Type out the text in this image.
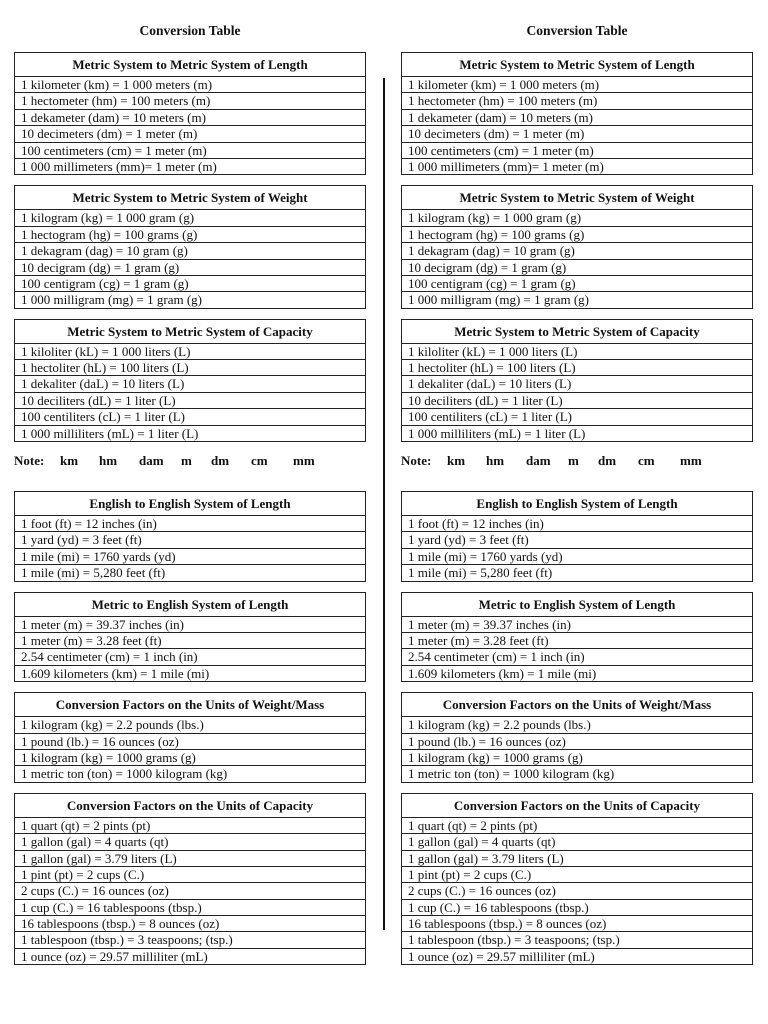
Conversion Table
Metric System to Metric System of Length
1 kilometer (km) = 1 000 meters (m)
1 hectometer (hm) = 100 meters (m)
1 dekameter (dam) = 10 meters (m)
10 decimeters (dm) = 1 meter (m)
100 centimeters (cm) = 1 meter (m)
1 000 millimeters (mm)= 1 meter (m)
Metric System to Metric System of Weight
1 kilogram (kg) = 1 000 gram (g)
1 hectogram (hg) = 100 grams (g)
1 dekagram (dag) = 10 gram (g)
10 decigram (dg) = 1 gram (g)
100 centigram (cg) = 1 gram (g)
1 000 milligram (mg) = 1 gram (g)
Metric System to Metric System of Capacity
1 kiloliter (kL) = 1 000 liters (L)
1 hectoliter (hL) = 100 liters (L)
1 dekaliter (daL) = 10 liters (L)
10 deciliters (dL) = 1 liter (L)
100 centiliters (cL) = 1 liter (L)
1 000 milliliters (mL) = 1 liter (L)
Note:	km	hm	dam	m	dm	cm	mm
English to English System of Length
1 foot (ft) = 12 inches (in)
1 yard (yd) = 3 feet (ft)
1 mile (mi) = 1760 yards (yd)
1 mile (mi) = 5,280 feet (ft)
Metric to English System of Length
1 meter (m) = 39.37 inches (in)
1 meter (m) = 3.28 feet (ft)
2.54 centimeter (cm) = 1 inch (in)
1.609 kilometers (km) = 1 mile (mi)
Conversion Factors on the Units of Weight/Mass
1 kilogram (kg) = 2.2 pounds (lbs.)
1 pound (lb.) = 16 ounces (oz)
1 kilogram (kg) = 1000 grams (g)
1 metric ton (ton) = 1000 kilogram (kg)
Conversion Factors on the Units of Capacity
1 quart (qt) = 2 pints (pt)
1 gallon (gal) = 4 quarts (qt)
1 gallon (gal) = 3.79 liters (L)
1 pint (pt) = 2 cups (C.)
2 cups (C.) = 16 ounces (oz)
1 cup (C.) = 16 tablespoons (tbsp.)
16 tablespoons (tbsp.) = 8 ounces (oz)
1 tablespoon (tbsp.) = 3 teaspoons; (tsp.)
1 ounce (oz) = 29.57 milliliter (mL)
Conversion Table
Metric System to Metric System of Length
1 kilometer (km) = 1 000 meters (m)
1 hectometer (hm) = 100 meters (m)
1 dekameter (dam) = 10 meters (m)
10 decimeters (dm) = 1 meter (m)
100 centimeters (cm) = 1 meter (m)
1 000 millimeters (mm)= 1 meter (m)
Metric System to Metric System of Weight
1 kilogram (kg) = 1 000 gram (g)
1 hectogram (hg) = 100 grams (g)
1 dekagram (dag) = 10 gram (g)
10 decigram (dg) = 1 gram (g)
100 centigram (cg) = 1 gram (g)
1 000 milligram (mg) = 1 gram (g)
Metric System to Metric System of Capacity
1 kiloliter (kL) = 1 000 liters (L)
1 hectoliter (hL) = 100 liters (L)
1 dekaliter (daL) = 10 liters (L)
10 deciliters (dL) = 1 liter (L)
100 centiliters (cL) = 1 liter (L)
1 000 milliliters (mL) = 1 liter (L)
Note:	km	hm	dam	m	dm	cm	mm
English to English System of Length
1 foot (ft) = 12 inches (in)
1 yard (yd) = 3 feet (ft)
1 mile (mi) = 1760 yards (yd)
1 mile (mi) = 5,280 feet (ft)
Metric to English System of Length
1 meter (m) = 39.37 inches (in)
1 meter (m) = 3.28 feet (ft)
2.54 centimeter (cm) = 1 inch (in)
1.609 kilometers (km) = 1 mile (mi)
Conversion Factors on the Units of Weight/Mass
1 kilogram (kg) = 2.2 pounds (lbs.)
1 pound (lb.) = 16 ounces (oz)
1 kilogram (kg) = 1000 grams (g)
1 metric ton (ton) = 1000 kilogram (kg)
Conversion Factors on the Units of Capacity
1 quart (qt) = 2 pints (pt)
1 gallon (gal) = 4 quarts (qt)
1 gallon (gal) = 3.79 liters (L)
1 pint (pt) = 2 cups (C.)
2 cups (C.) = 16 ounces (oz)
1 cup (C.) = 16 tablespoons (tbsp.)
16 tablespoons (tbsp.) = 8 ounces (oz)
1 tablespoon (tbsp.) = 3 teaspoons; (tsp.)
1 ounce (oz) = 29.57 milliliter (mL)
